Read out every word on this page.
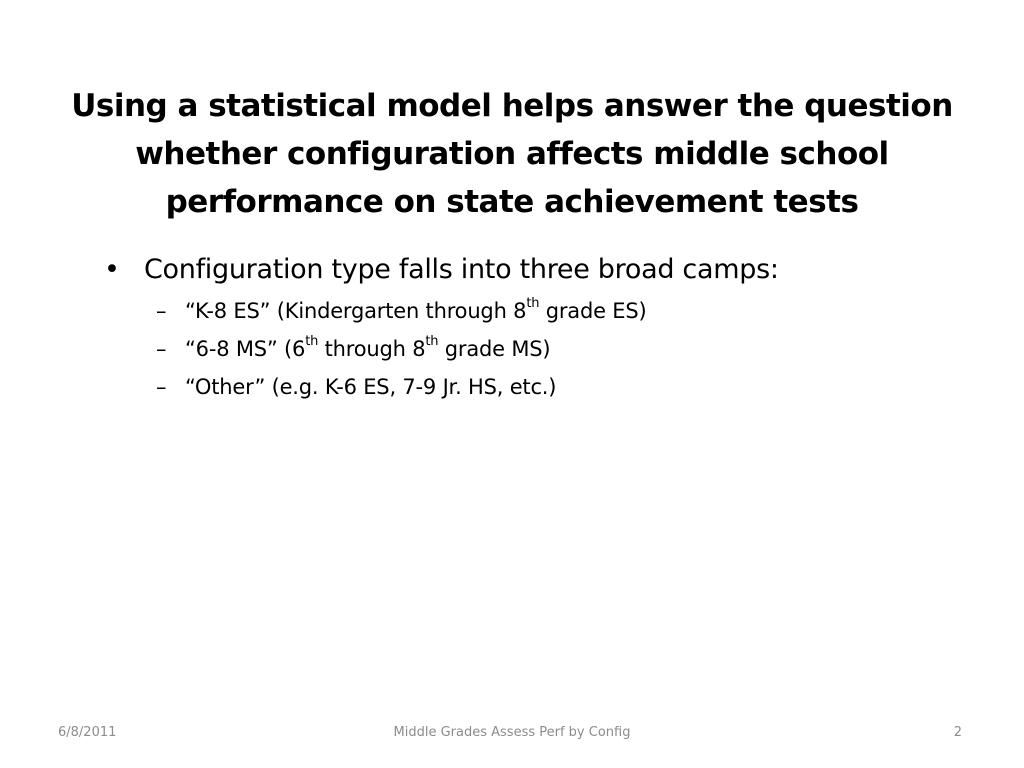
Using a statistical model helps answer the question
whether configuration affects middle school
performance on state achievement tests
• Configuration type falls into three broad camps:
– “K-8 ES” (Kindergarten through 8th grade ES)
– “6-8 MS” (6th through 8th grade MS)
– “Other” (e.g. K-6 ES, 7-9 Jr. HS, etc.)
6/8/2011	Middle Grades Assess Perf by Config	2
